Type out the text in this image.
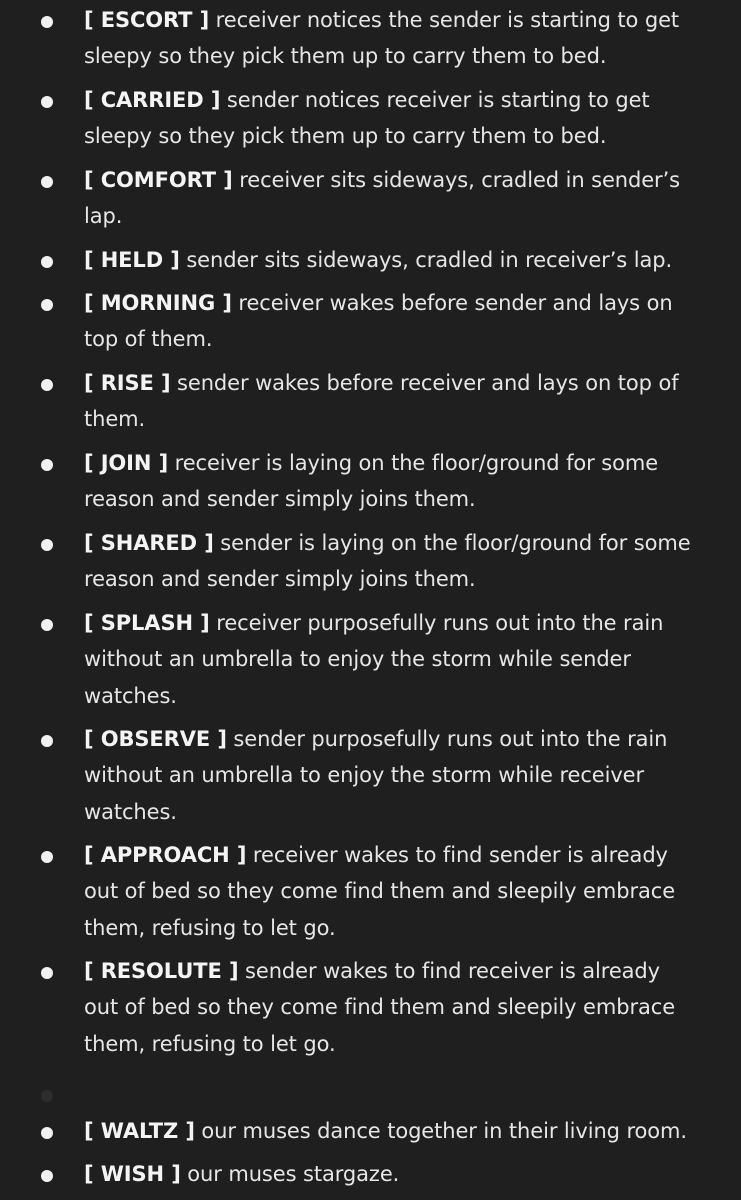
[ ESCORT ] receiver notices the sender is starting to get
sleepy so they pick them up to carry them to bed.
[ CARRIED ] sender notices receiver is starting to get
sleepy so they pick them up to carry them to bed.
[ COMFORT ] receiver sits sideways, cradled in sender’s
lap.
[ HELD ] sender sits sideways, cradled in receiver’s lap.
[ MORNING ] receiver wakes before sender and lays on
top of them.
[ RISE ] sender wakes before receiver and lays on top of
them.
[ JOIN ] receiver is laying on the floor/ground for some
reason and sender simply joins them.
[ SHARED ] sender is laying on the floor/ground for some
reason and sender simply joins them.
[ SPLASH ] receiver purposefully runs out into the rain
without an umbrella to enjoy the storm while sender
watches.
[ OBSERVE ] sender purposefully runs out into the rain
without an umbrella to enjoy the storm while receiver
watches.
[ APPROACH ] receiver wakes to find sender is already
out of bed so they come find them and sleepily embrace
them, refusing to let go.
[ RESOLUTE ] sender wakes to find receiver is already
out of bed so they come find them and sleepily embrace
them, refusing to let go.
[ WALTZ ] our muses dance together in their living room.
[ WISH ] our muses stargaze.
